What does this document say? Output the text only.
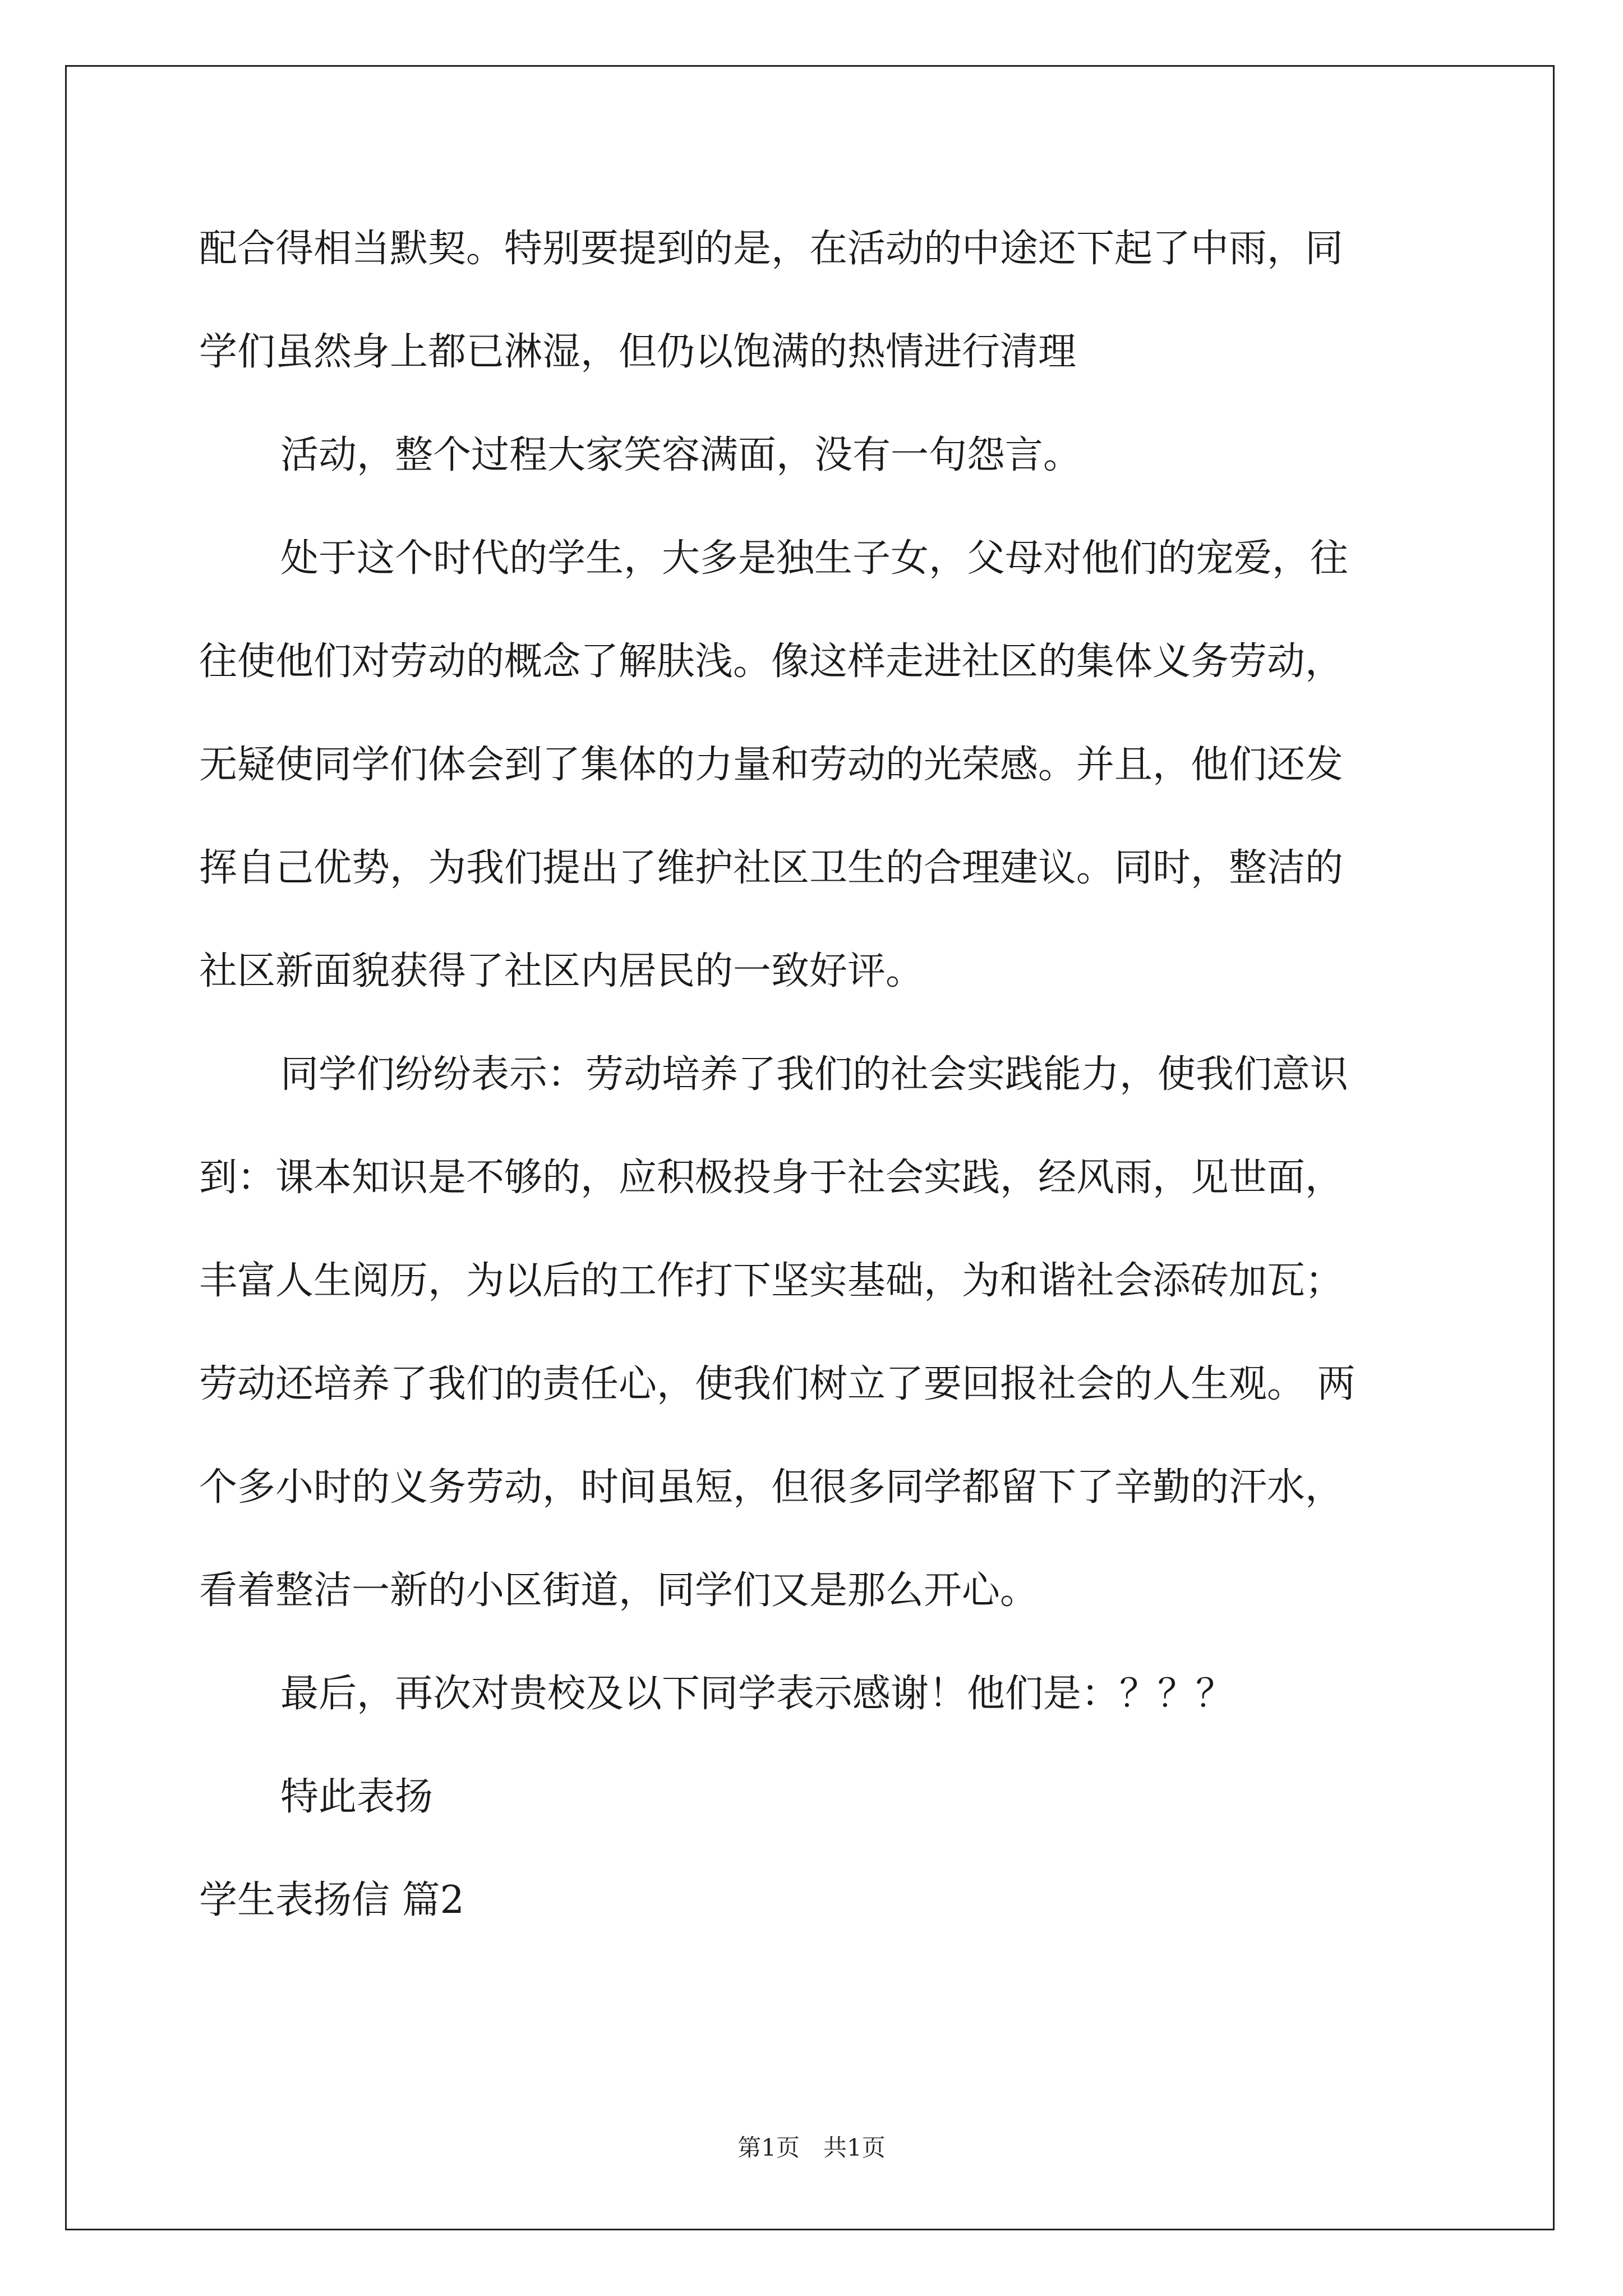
配合得相当默契。特别要提到的是，在活动的中途还下起了中雨，同
学们虽然身上都已淋湿，但仍以饱满的热情进行清理
活动，整个过程大家笑容满面，没有一句怨言。
处于这个时代的学生，大多是独生子女，父母对他们的宠爱，往
往使他们对劳动的概念了解肤浅。像这样走进社区的集体义务劳动，
无疑使同学们体会到了集体的力量和劳动的光荣感。并且，他们还发
挥自己优势，为我们提出了维护社区卫生的合理建议。同时，整洁的
社区新面貌获得了社区内居民的一致好评。
同学们纷纷表示：劳动培养了我们的社会实践能力，使我们意识
到：课本知识是不够的，应积极投身于社会实践，经风雨，见世面，
丰富人生阅历，为以后的工作打下坚实基础，为和谐社会添砖加瓦；
劳动还培养了我们的责任心，使我们树立了要回报社会的人生观。 两
个多小时的义务劳动，时间虽短，但很多同学都留下了辛勤的汗水，
看着整洁一新的小区街道，同学们又是那么开心。
最后，再次对贵校及以下同学表示感谢！他们是：？？？
特此表扬
学生表扬信 篇2
第1页　共1页
